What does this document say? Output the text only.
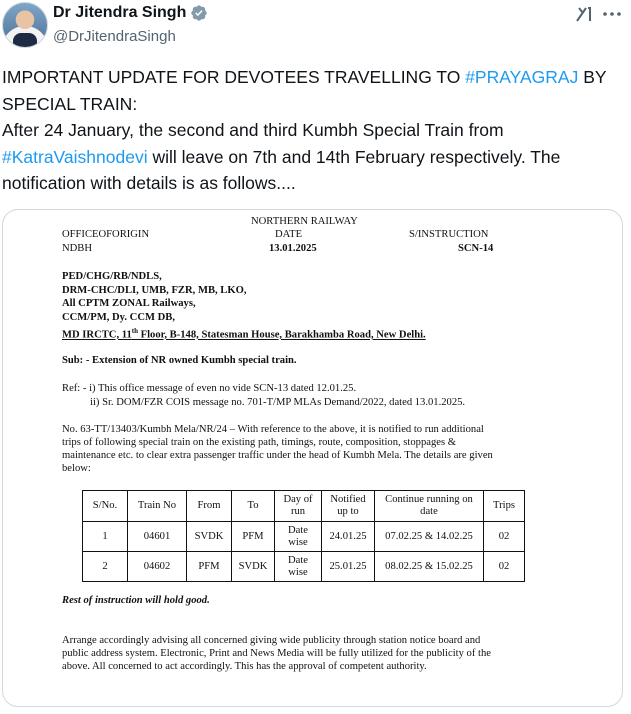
Dr Jitendra Singh
@DrJitendraSingh

IMPORTANT UPDATE FOR DEVOTEES TRAVELLING TO #PRAYAGRAJ BY SPECIAL TRAIN:

After 24 January, the second and third Kumbh Special Train from #KatraVaishnodevi will leave on 7th and 14th February respectively. The notification with details is as follows....

NORTHERN RAILWAY
OFFICEOFORIGIN	DATE	S/INSTRUCTION
NDBH	13.01.2025	SCN-14
PED/CHG/RB/NDLS,
DRM-CHC/DLI, UMB, FZR, MB, LKO,
All CPTM ZONAL Railways,
CCM/PM, Dy. CCM DB,
MD IRCTC, 11th Floor, B-148, Statesman House, Barakhamba Road, New Delhi.
Sub: - Extension of NR owned Kumbh special train.
Ref: - i) This office message of even no vide SCN-13 dated 12.01.25.
ii) Sr. DOM/FZR COIS message no. 701-T/MP MLAs Demand/2022, dated 13.01.2025.
No. 63-TT/13403/Kumbh Mela/NR/24 – With reference to the above, it is notified to run additional
trips of following special train on the existing path, timings, route, composition, stoppages &
maintenance etc. to clear extra passenger traffic under the head of Kumbh Mela. The details are given
below:
S/No.	Train No	From	To	Day of run	Notified up to	Continue running on date	Trips
1	04601	SVDK	PFM	Date wise	24.01.25	07.02.25 & 14.02.25	02
2	04602	PFM	SVDK	Date wise	25.01.25	08.02.25 & 15.02.25	02
Rest of instruction will hold good.
Arrange accordingly advising all concerned giving wide publicity through station notice board and
public address system. Electronic, Print and News Media will be fully utilized for the publicity of the
above. All concerned to act accordingly. This has the approval of competent authority.
